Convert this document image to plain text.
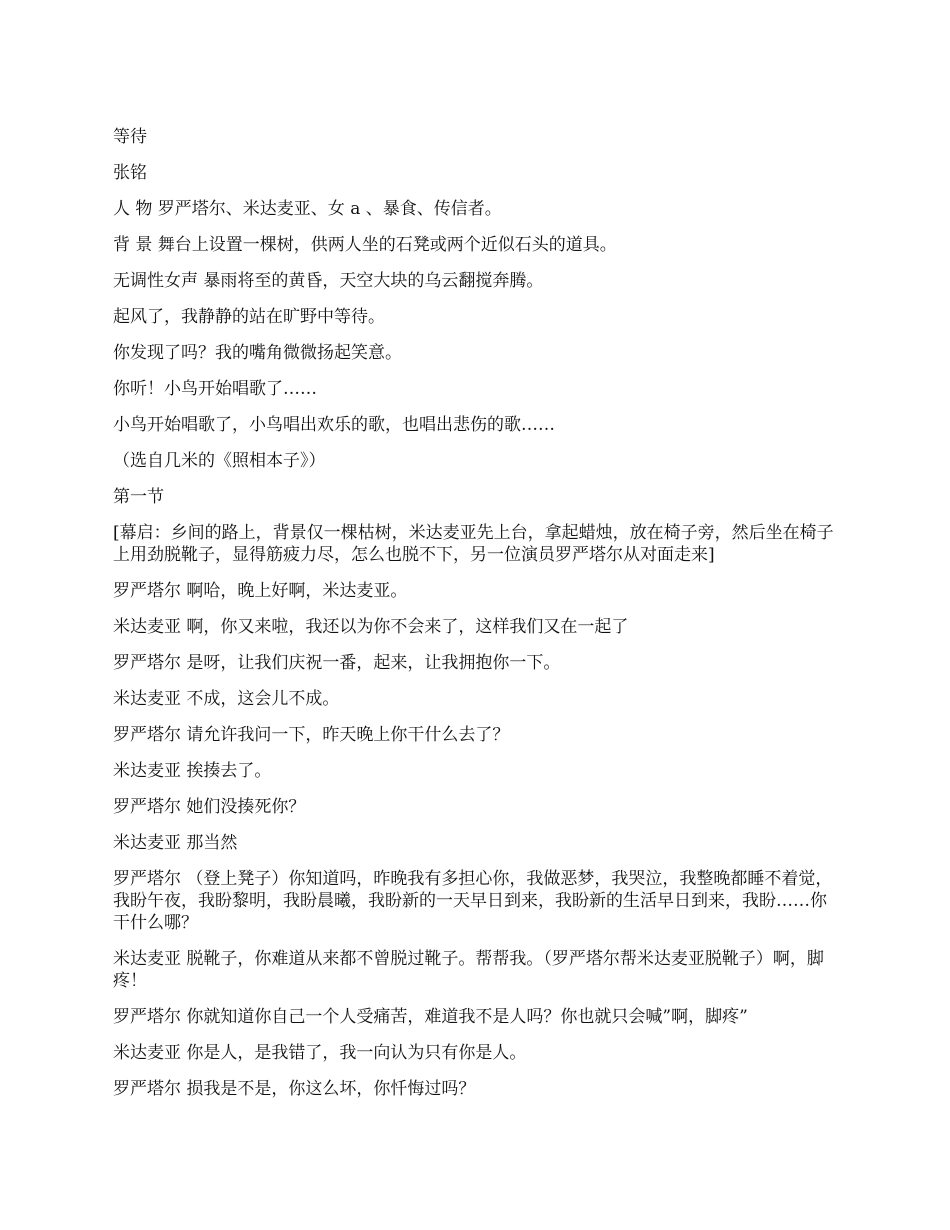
等待

张铭

人 物 罗严塔尔、米达麦亚、女 a 、暴食、传信者。

背 景 舞台上设置一棵树，供两人坐的石凳或两个近似石头的道具。

无调性女声 暴雨将至的黄昏，天空大块的乌云翻搅奔腾。

起风了，我静静的站在旷野中等待。

你发现了吗？我的嘴角微微扬起笑意。

你听！小鸟开始唱歌了……

小鸟开始唱歌了，小鸟唱出欢乐的歌，也唱出悲伤的歌……

（选自几米的《照相本子》）

第一节

[幕启：乡间的路上，背景仅一棵枯树，米达麦亚先上台，拿起蜡烛，放在椅子旁，然后坐在椅子上用劲脱靴子，显得筋疲力尽，怎么也脱不下，另一位演员罗严塔尔从对面走来]

罗严塔尔 啊哈，晚上好啊，米达麦亚。

米达麦亚 啊，你又来啦，我还以为你不会来了，这样我们又在一起了

罗严塔尔 是呀，让我们庆祝一番，起来，让我拥抱你一下。

米达麦亚 不成，这会儿不成。

罗严塔尔 请允许我问一下，昨天晚上你干什么去了？

米达麦亚 挨揍去了。

罗严塔尔 她们没揍死你？

米达麦亚 那当然

罗严塔尔 （登上凳子）你知道吗，昨晚我有多担心你，我做恶梦，我哭泣，我整晚都睡不着觉，我盼午夜，我盼黎明，我盼晨曦，我盼新的一天早日到来，我盼新的生活早日到来，我盼……你干什么哪？

米达麦亚 脱靴子，你难道从来都不曾脱过靴子。帮帮我。（罗严塔尔帮米达麦亚脱靴子）啊，脚疼！

罗严塔尔 你就知道你自己一个人受痛苦，难道我不是人吗？你也就只会喊”啊，脚疼”

米达麦亚 你是人，是我错了，我一向认为只有你是人。

罗严塔尔 损我是不是，你这么坏，你忏悔过吗？
